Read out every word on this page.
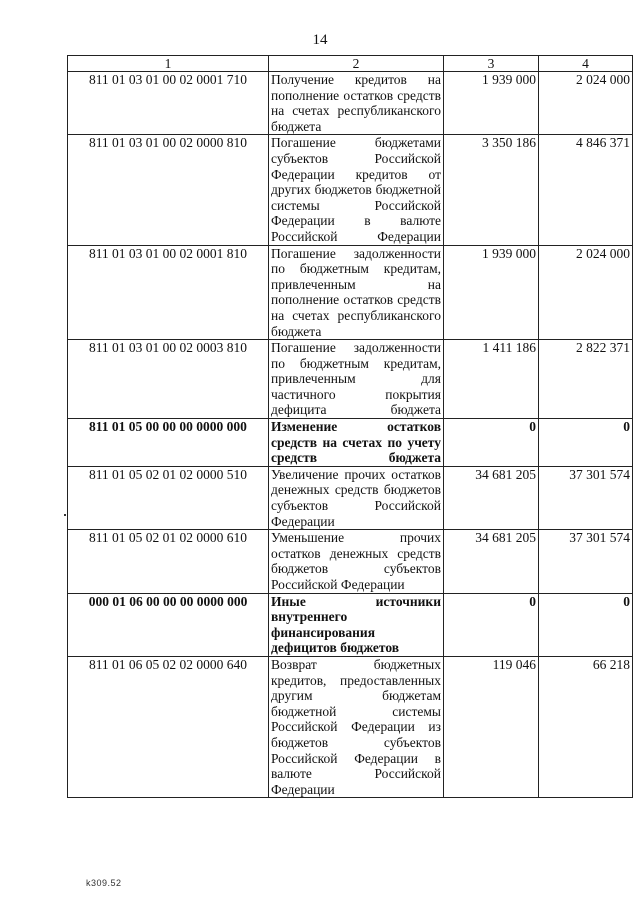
14
1	2	3	4
811 01 03 01 00 02 0001 710	Получение кредитов на пополнение остатков средств на счетах республиканского бюджета	1 939 000	2 024 000
811 01 03 01 00 02 0000 810	Погашение бюджетами субъектов Российской Федерации кредитов от других бюджетов бюджетной системы Российской Федерации в валюте Российской Федерации	3 350 186	4 846 371
811 01 03 01 00 02 0001 810	Погашение задолженности по бюджетным кредитам, привлеченным на пополнение остатков средств на счетах республиканского бюджета	1 939 000	2 024 000
811 01 03 01 00 02 0003 810	Погашение задолженности по бюджетным кредитам, привлеченным для частичного покрытия дефицита бюджета	1 411 186	2 822 371
811 01 05 00 00 00 0000 000	Изменение остатков средств на счетах по учету средств бюджета	0	0
811 01 05 02 01 02 0000 510	Увеличение прочих остатков денежных средств бюджетов субъектов Российской Федерации	34 681 205	37 301 574
811 01 05 02 01 02 0000 610	Уменьшение прочих остатков денежных средств бюджетов субъектов Российской Федерации	34 681 205	37 301 574
000 01 06 00 00 00 0000 000	Иные источники внутреннего финансирования дефицитов бюджетов	0	0
811 01 06 05 02 02 0000 640	Возврат бюджетных кредитов, предоставленных другим бюджетам бюджетной системы Российской Федерации из бюджетов субъектов Российской Федерации в валюте Российской Федерации	119 046	66 218
k309.52
